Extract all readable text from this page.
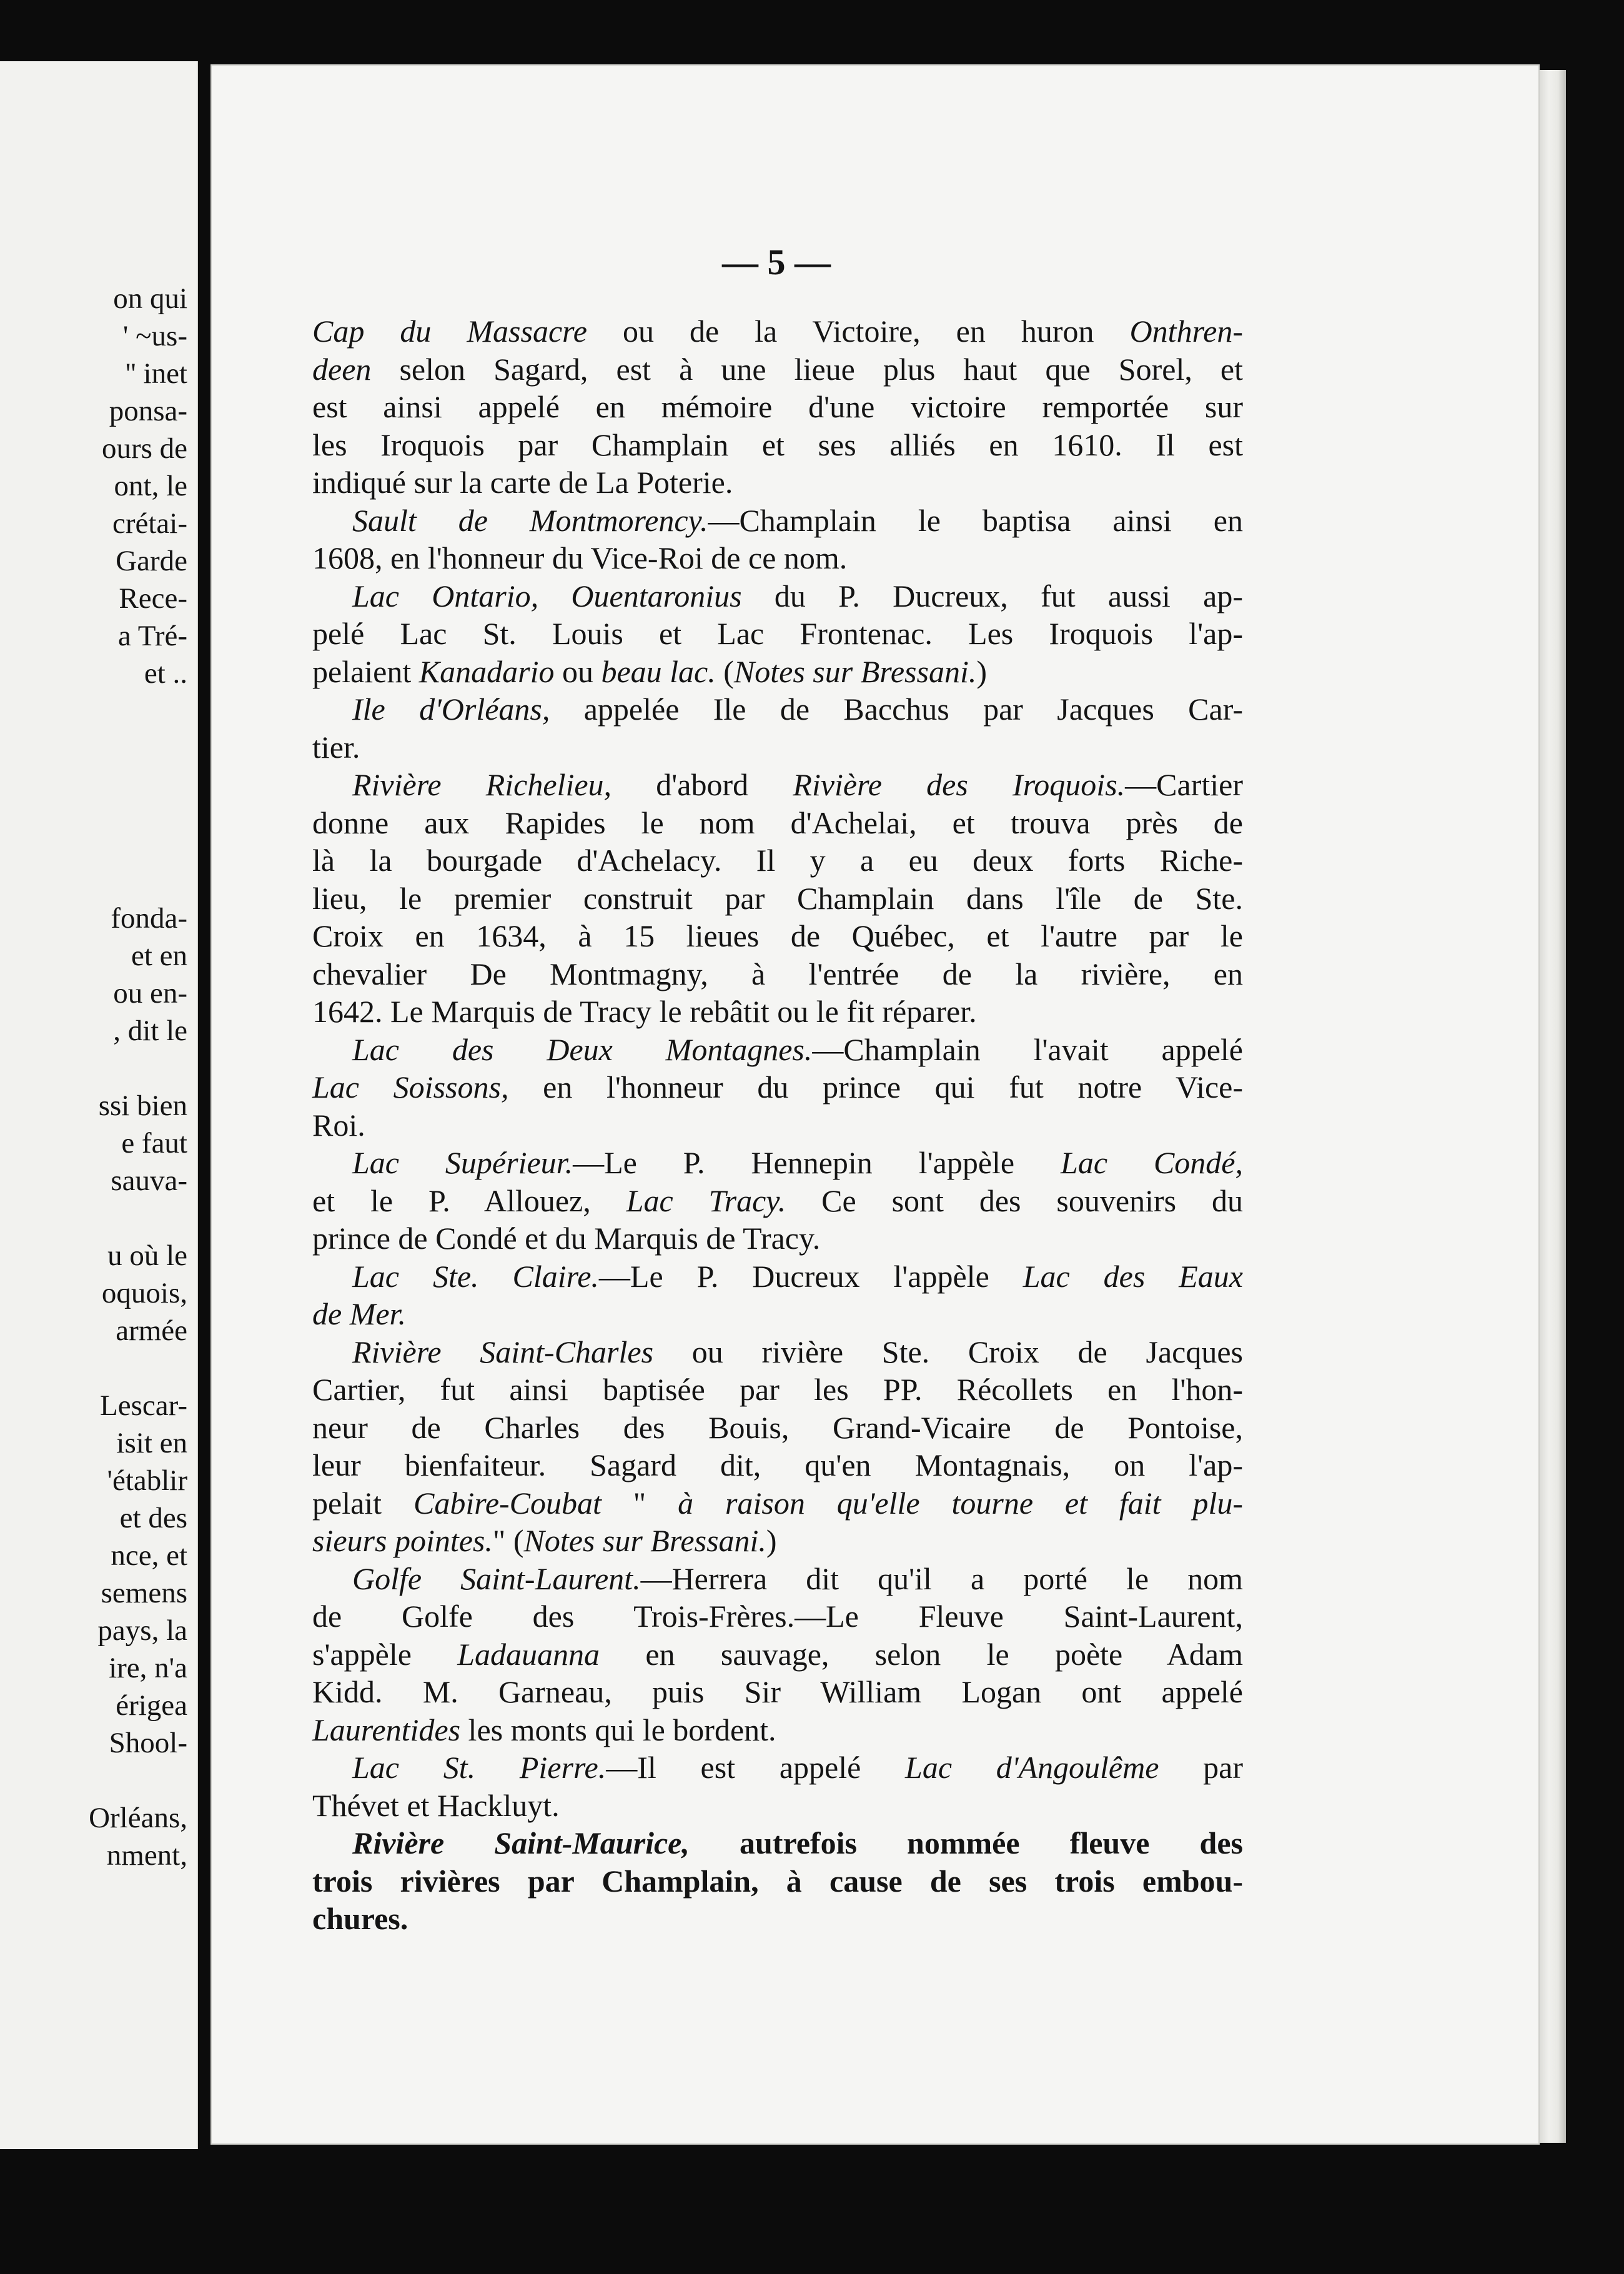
on qui
' ~us-
'' inet
ponsa-
ours de
ont, le
crétai-
Garde
Rece-
a Tré-
et ..
fonda-
et en
ou en-
, dit le
ssi bien
e faut
sauva-
u où le
oquois,
armée
Lescar-
isit en
'établir
et des
nce, et
semens
pays, la
ire, n'a
érigea
Shool-
Orléans,
nment,
— 5 —
Cap du Massacre ou de la Victoire, en huron Onthren-
deen selon Sagard, est à une lieue plus haut que Sorel, et
est ainsi appelé en mémoire d'une victoire remportée sur
les Iroquois par Champlain et ses alliés en 1610. Il est
indiqué sur la carte de La Poterie.
Sault de Montmorency.—Champlain le baptisa ainsi en
1608, en l'honneur du Vice-Roi de ce nom.
Lac Ontario, Ouentaronius du P. Ducreux, fut aussi ap-
pelé Lac St. Louis et Lac Frontenac. Les Iroquois l'ap-
pelaient Kanadario ou beau lac. (Notes sur Bressani.)
Ile d'Orléans, appelée Ile de Bacchus par Jacques Car-
tier.
Rivière Richelieu, d'abord Rivière des Iroquois.—Cartier
donne aux Rapides le nom d'Achelai, et trouva près de
là la bourgade d'Achelacy. Il y a eu deux forts Riche-
lieu, le premier construit par Champlain dans l'île de Ste.
Croix en 1634, à 15 lieues de Québec, et l'autre par le
chevalier De Montmagny, à l'entrée de la rivière, en
1642. Le Marquis de Tracy le rebâtit ou le fit réparer.
Lac des Deux Montagnes.—Champlain l'avait appelé
Lac Soissons, en l'honneur du prince qui fut notre Vice-
Roi.
Lac Supérieur.—Le P. Hennepin l'appèle Lac Condé,
et le P. Allouez, Lac Tracy. Ce sont des souvenirs du
prince de Condé et du Marquis de Tracy.
Lac Ste. Claire.—Le P. Ducreux l'appèle Lac des Eaux
de Mer.
Rivière Saint-Charles ou rivière Ste. Croix de Jacques
Cartier, fut ainsi baptisée par les PP. Récollets en l'hon-
neur de Charles des Bouis, Grand-Vicaire de Pontoise,
leur bienfaiteur. Sagard dit, qu'en Montagnais, on l'ap-
pelait Cabire-Coubat " à raison qu'elle tourne et fait plu-
sieurs pointes." (Notes sur Bressani.)
Golfe Saint-Laurent.—Herrera dit qu'il a porté le nom
de Golfe des Trois-Frères.—Le Fleuve Saint-Laurent,
s'appèle Ladauanna en sauvage, selon le poète Adam
Kidd. M. Garneau, puis Sir William Logan ont appelé
Laurentides les monts qui le bordent.
Lac St. Pierre.—Il est appelé Lac d'Angoulême par
Thévet et Hackluyt.
Rivière Saint-Maurice, autrefois nommée fleuve des
trois rivières par Champlain, à cause de ses trois embou-
chures.
